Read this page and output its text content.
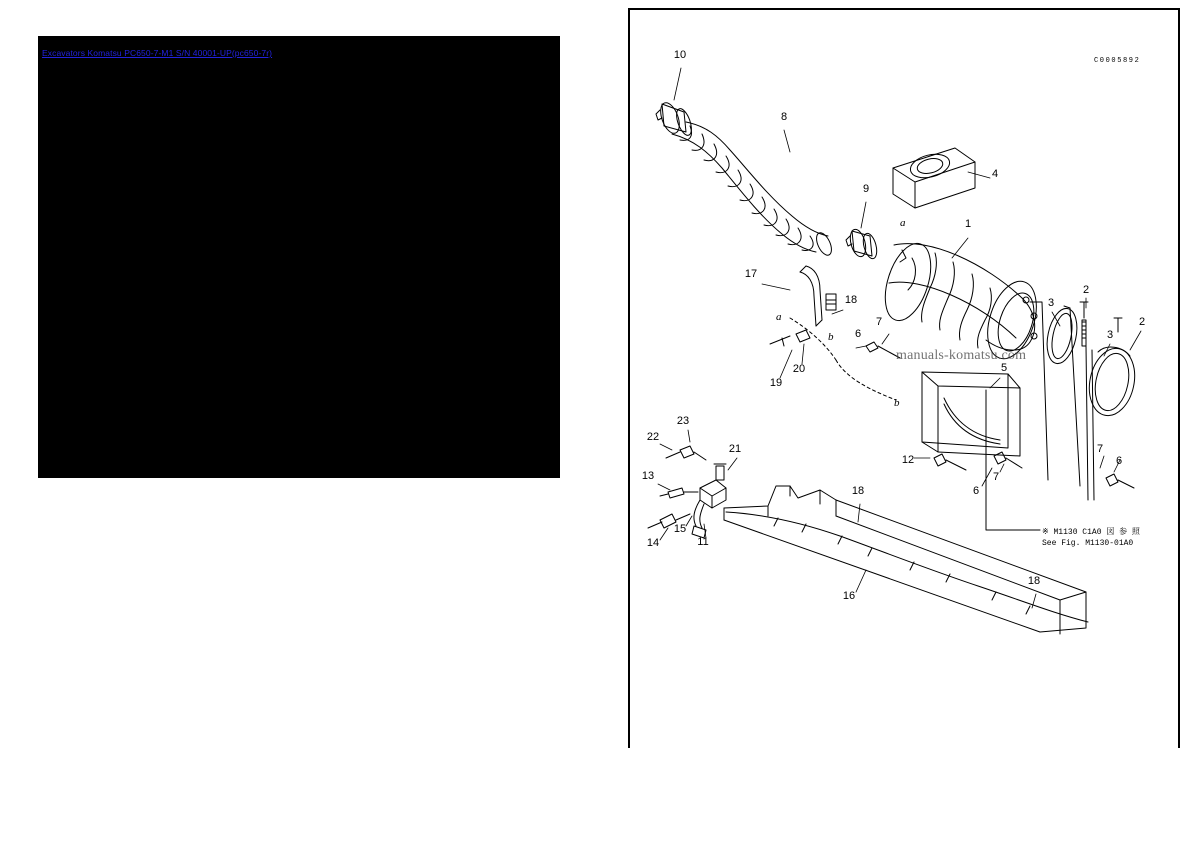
Excavators Komatsu PC650-7-M1 S/N 40001-UP(pc650-7r)
1
2
2
3
3
4
5
6
6
6
7
7
7
8
9
10
11
12
13
14
15
16
17
18
18
18
19
20
21
22
23
C0005892
※ M1130 C1A0 図 参 照
See Fig. M1130-01A0
a
a
b
b
manuals-komatsu.com
